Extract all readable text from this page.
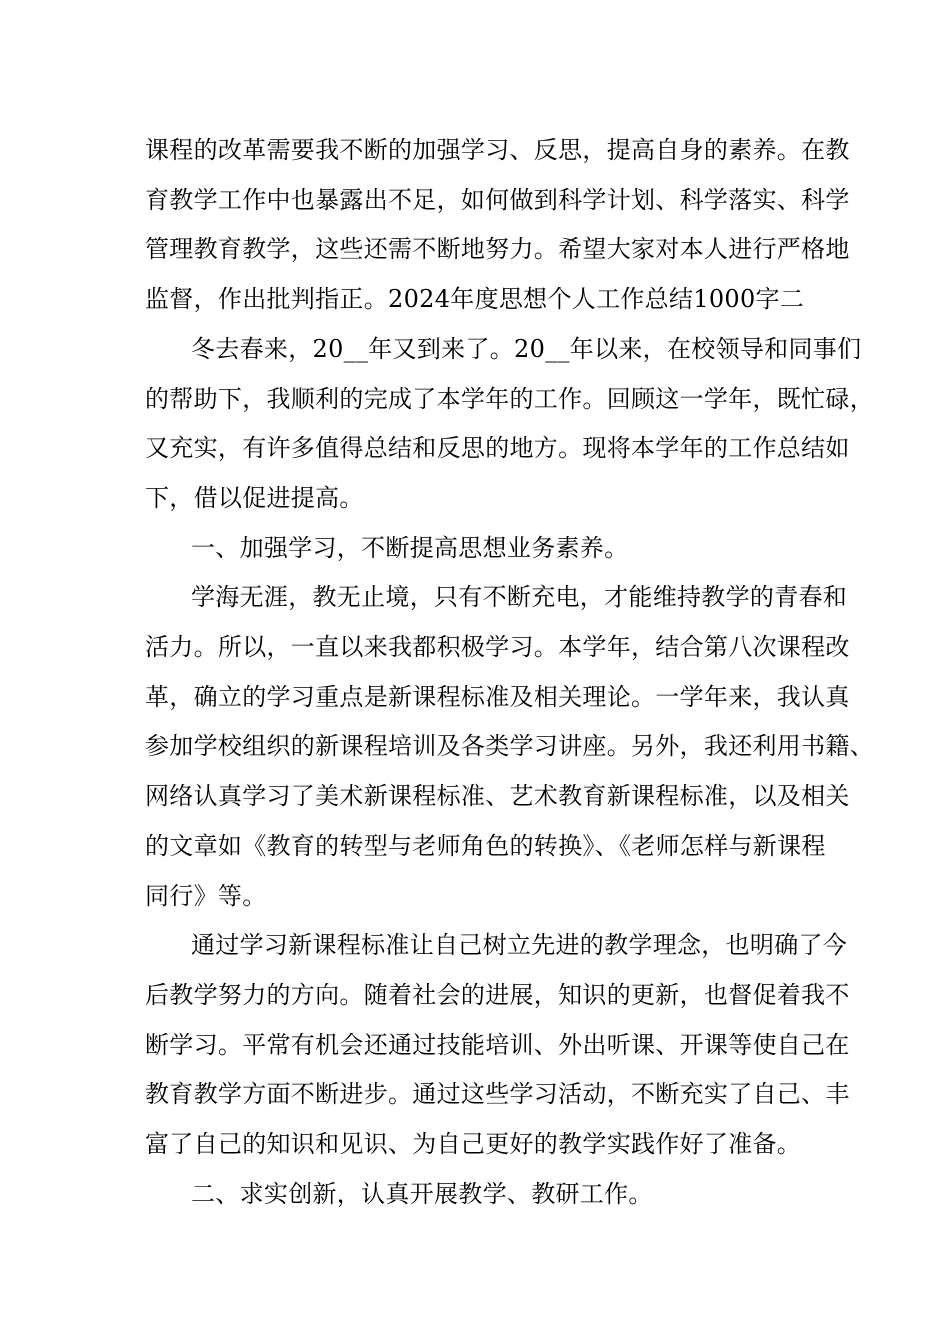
课程的改革需要我不断的加强学习、反思，提高自身的素养。在教
育教学工作中也暴露出不足，如何做到科学计划、科学落实、科学
管理教育教学，这些还需不断地努力。希望大家对本人进行严格地
监督，作出批判指正。2024年度思想个人工作总结1000字二

冬去春来，20__年又到来了。20__年以来，在校领导和同事们
的帮助下，我顺利的完成了本学年的工作。回顾这一学年，既忙碌，
又充实，有许多值得总结和反思的地方。现将本学年的工作总结如
下，借以促进提高。

一、加强学习，不断提高思想业务素养。

学海无涯，教无止境，只有不断充电，才能维持教学的青春和
活力。所以，一直以来我都积极学习。本学年，结合第八次课程改
革，确立的学习重点是新课程标准及相关理论。一学年来，我认真
参加学校组织的新课程培训及各类学习讲座。另外，我还利用书籍、
网络认真学习了美术新课程标准、艺术教育新课程标准，以及相关
的文章如《教育的转型与老师角色的转换》、《老师怎样与新课程
同行》等。

通过学习新课程标准让自己树立先进的教学理念，也明确了今
后教学努力的方向。随着社会的进展，知识的更新，也督促着我不
断学习。平常有机会还通过技能培训、外出听课、开课等使自己在
教育教学方面不断进步。通过这些学习活动，不断充实了自己、丰
富了自己的知识和见识、为自己更好的教学实践作好了准备。

二、求实创新，认真开展教学、教研工作。
